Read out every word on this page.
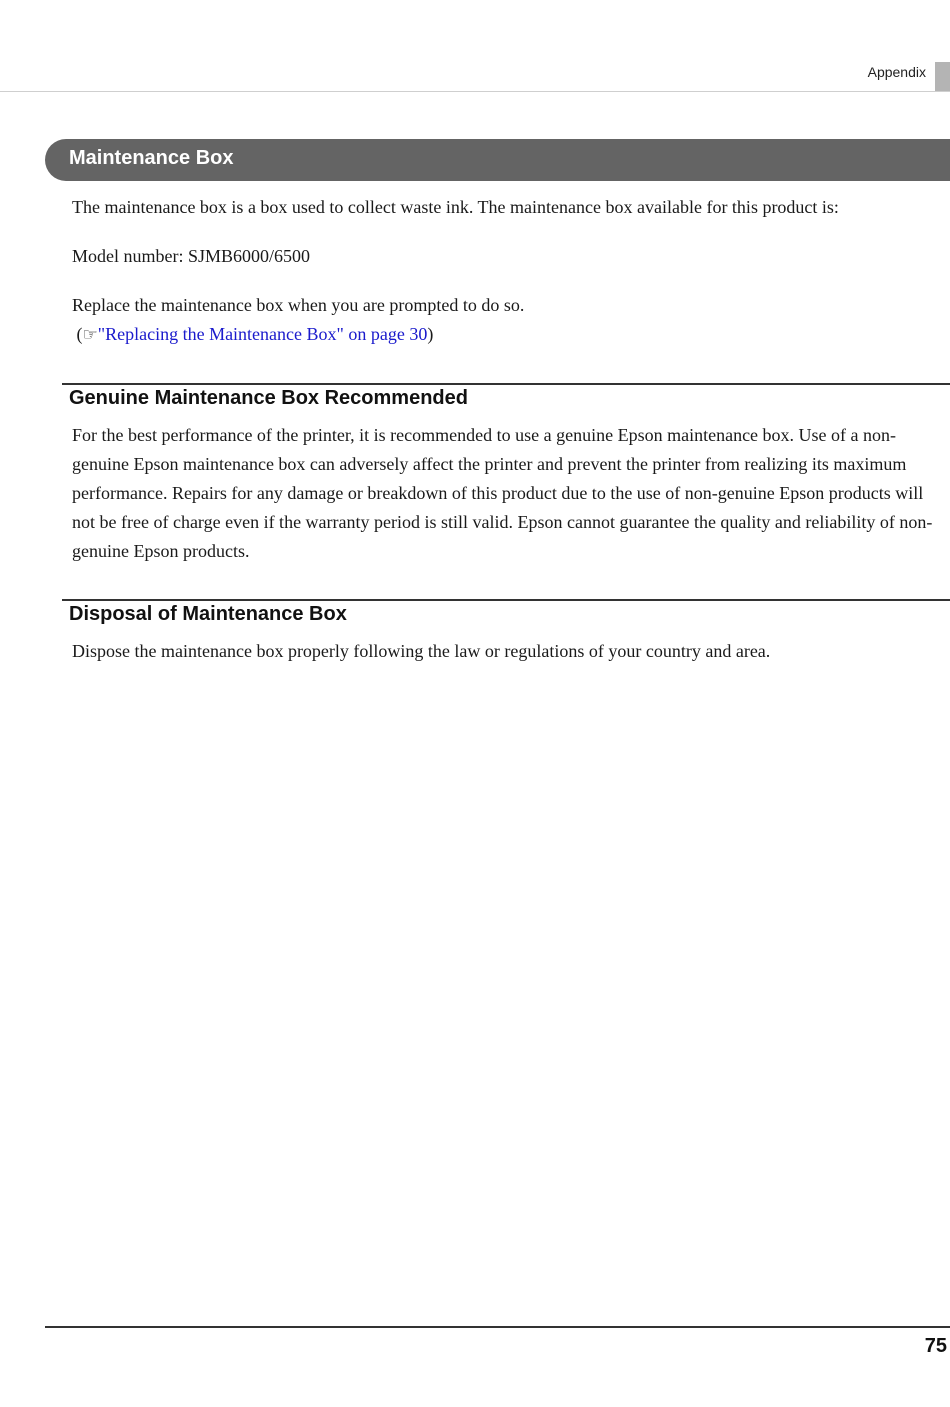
Appendix
Maintenance Box

The maintenance box is a box used to collect waste ink. The maintenance box available for this product is:

Model number: SJMB6000/6500

Replace the maintenance box when you are prompted to do so.
(☞"Replacing the Maintenance Box" on page 30)

Genuine Maintenance Box Recommended

For the best performance of the printer, it is recommended to use a genuine Epson maintenance box. Use of a non-genuine Epson maintenance box can adversely affect the printer and prevent the printer from realizing its maximum performance. Repairs for any damage or breakdown of this product due to the use of non-genuine Epson products will not be free of charge even if the warranty period is still valid. Epson cannot guarantee the quality and reliability of non-genuine Epson products.

Disposal of Maintenance Box

Dispose the maintenance box properly following the law or regulations of your country and area.

75
